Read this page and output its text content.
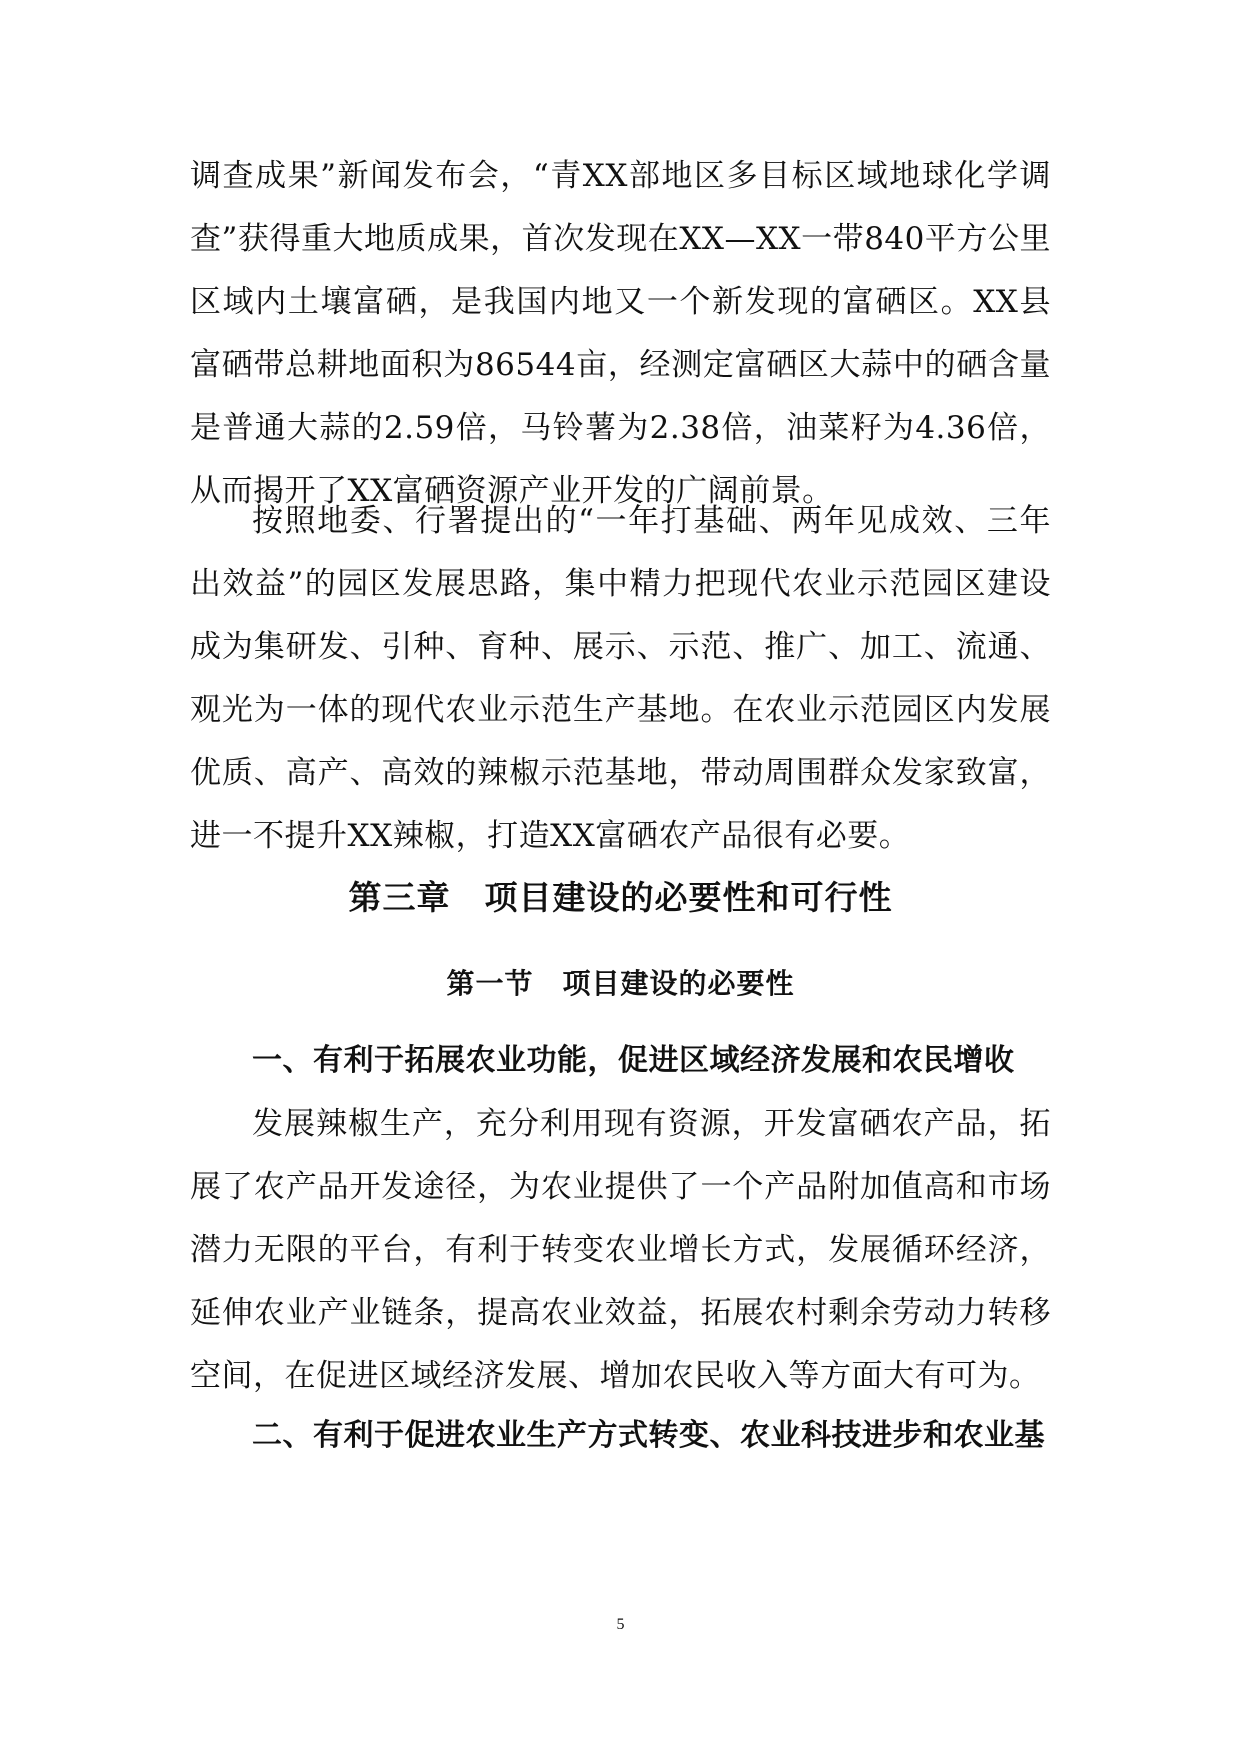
调查成果”新闻发布会，“青XX部地区多目标区域地球化学调查”获得重大地质成果，首次发现在XX—XX一带840平方公里区域内土壤富硒，是我国内地又一个新发现的富硒区。XX县富硒带总耕地面积为86544亩，经测定富硒区大蒜中的硒含量是普通大蒜的2.59倍，马铃薯为2.38倍，油菜籽为4.36倍，从而揭开了XX富硒资源产业开发的广阔前景。

按照地委、行署提出的“一年打基础、两年见成效、三年出效益”的园区发展思路，集中精力把现代农业示范园区建设成为集研发、引种、育种、展示、示范、推广、加工、流通、观光为一体的现代农业示范生产基地。在农业示范园区内发展优质、高产、高效的辣椒示范基地，带动周围群众发家致富，进一不提升XX辣椒，打造XX富硒农产品很有必要。

第三章　项目建设的必要性和可行性
第一节　项目建设的必要性
一、有利于拓展农业功能，促进区域经济发展和农民增收

发展辣椒生产，充分利用现有资源，开发富硒农产品，拓展了农产品开发途径，为农业提供了一个产品附加值高和市场潜力无限的平台，有利于转变农业增长方式，发展循环经济，延伸农业产业链条，提高农业效益，拓展农村剩余劳动力转移空间，在促进区域经济发展、增加农民收入等方面大有可为。

二、有利于促进农业生产方式转变、农业科技进步和农业基
5
